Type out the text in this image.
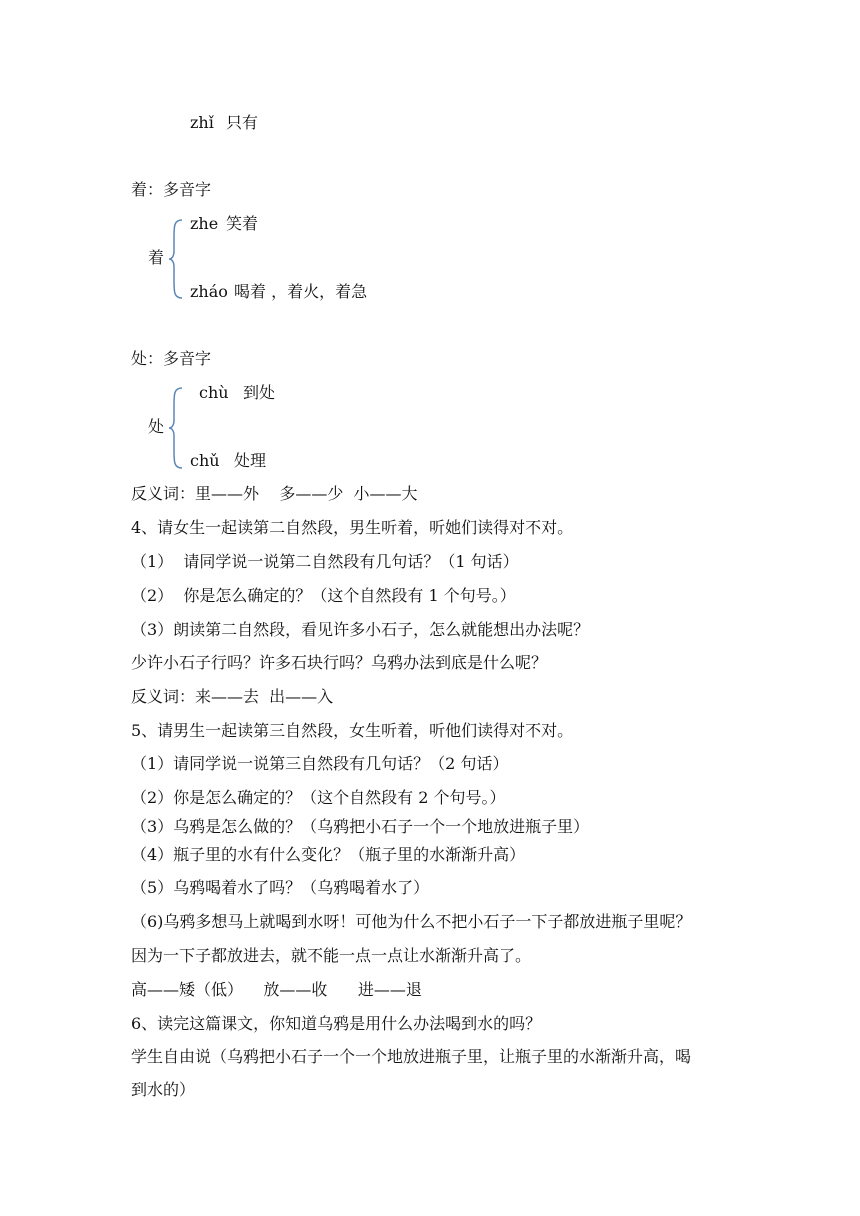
zhǐ 只有
着：多音字
着
zhe 笑着
zháo 喝着 ，着火，着急
处：多音字
处
chù 到处
chǔ 处理
反义词：里——外    多——少  小——大
4、请女生一起读第二自然段，男生听着，听她们读得对不对。
（1）  请同学说一说第二自然段有几句话？（1 句话）
（2）  你是怎么确定的？（这个自然段有 1 个句号。）
（3）朗读第二自然段，看见许多小石子，怎么就能想出办法呢？
少许小石子行吗？许多石块行吗？乌鸦办法到底是什么呢？
反义词：来——去  出——入
5、请男生一起读第三自然段，女生听着，听他们读得对不对。
（1）请同学说一说第三自然段有几句话？（2 句话）
（2）你是怎么确定的？（这个自然段有 2 个句号。）
（3）乌鸦是怎么做的？（乌鸦把小石子一个一个地放进瓶子里）
（4）瓶子里的水有什么变化？（瓶子里的水渐渐升高）
（5）乌鸦喝着水了吗？（乌鸦喝着水了）
（6)乌鸦多想马上就喝到水呀！可他为什么不把小石子一下子都放进瓶子里呢？
因为一下子都放进去，就不能一点一点让水渐渐升高了。
高——矮（低）    放——收      进——退
6、读完这篇课文，你知道乌鸦是用什么办法喝到水的吗？
学生自由说（乌鸦把小石子一个一个地放进瓶子里，让瓶子里的水渐渐升高，喝
到水的）
